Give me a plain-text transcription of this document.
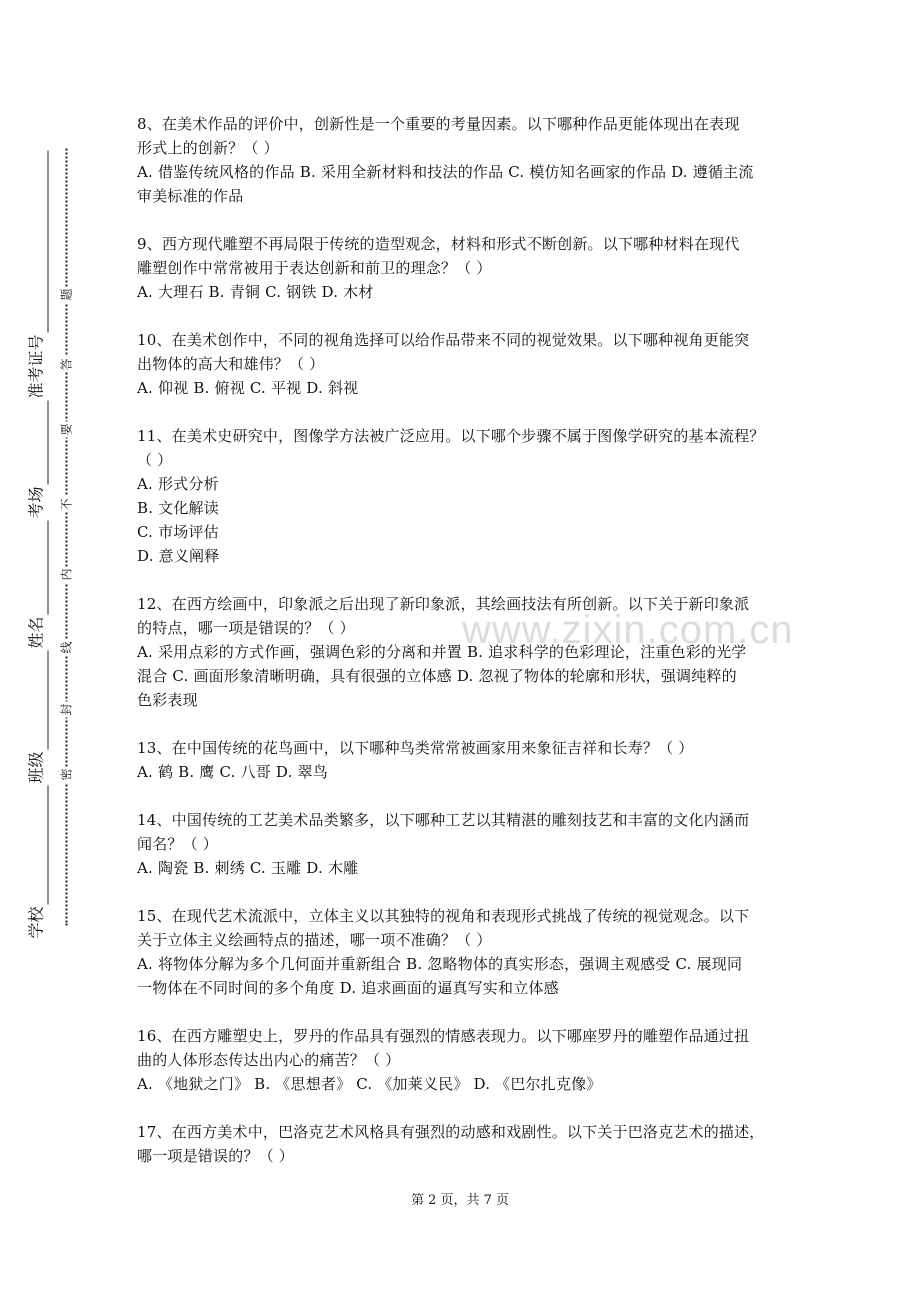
学校
班级
姓名
考场
准考证号
密
封
线
内
不
要
答
题
www.zixin.com.cn
8、在美术作品的评价中，创新性是一个重要的考量因素。以下哪种作品更能体现出在表现
形式上的创新？（ ）
A. 借鉴传统风格的作品 B. 采用全新材料和技法的作品 C. 模仿知名画家的作品 D. 遵循主流
审美标准的作品
9、西方现代雕塑不再局限于传统的造型观念，材料和形式不断创新。以下哪种材料在现代
雕塑创作中常常被用于表达创新和前卫的理念？（ ）
A. 大理石 B. 青铜 C. 钢铁 D. 木材
10、在美术创作中，不同的视角选择可以给作品带来不同的视觉效果。以下哪种视角更能突
出物体的高大和雄伟？（ ）
A. 仰视 B. 俯视 C. 平视 D. 斜视
11、在美术史研究中，图像学方法被广泛应用。以下哪个步骤不属于图像学研究的基本流程？
（ ）
A. 形式分析
B. 文化解读
C. 市场评估
D. 意义阐释
12、在西方绘画中，印象派之后出现了新印象派，其绘画技法有所创新。以下关于新印象派
的特点，哪一项是错误的？（ ）
A. 采用点彩的方式作画，强调色彩的分离和并置 B. 追求科学的色彩理论，注重色彩的光学
混合 C. 画面形象清晰明确，具有很强的立体感 D. 忽视了物体的轮廓和形状，强调纯粹的
色彩表现
13、在中国传统的花鸟画中，以下哪种鸟类常常被画家用来象征吉祥和长寿？（ ）
A. 鹤 B. 鹰 C. 八哥 D. 翠鸟
14、中国传统的工艺美术品类繁多，以下哪种工艺以其精湛的雕刻技艺和丰富的文化内涵而
闻名？（ ）
A. 陶瓷 B. 刺绣 C. 玉雕 D. 木雕
15、在现代艺术流派中，立体主义以其独特的视角和表现形式挑战了传统的视觉观念。以下
关于立体主义绘画特点的描述，哪一项不准确？（ ）
A. 将物体分解为多个几何面并重新组合 B. 忽略物体的真实形态，强调主观感受 C. 展现同
一物体在不同时间的多个角度 D. 追求画面的逼真写实和立体感
16、在西方雕塑史上，罗丹的作品具有强烈的情感表现力。以下哪座罗丹的雕塑作品通过扭
曲的人体形态传达出内心的痛苦？（ ）
A. 《地狱之门》 B. 《思想者》 C. 《加莱义民》 D. 《巴尔扎克像》
17、在西方美术中，巴洛克艺术风格具有强烈的动感和戏剧性。以下关于巴洛克艺术的描述，
哪一项是错误的？（ ）
第 2 页，共 7 页
